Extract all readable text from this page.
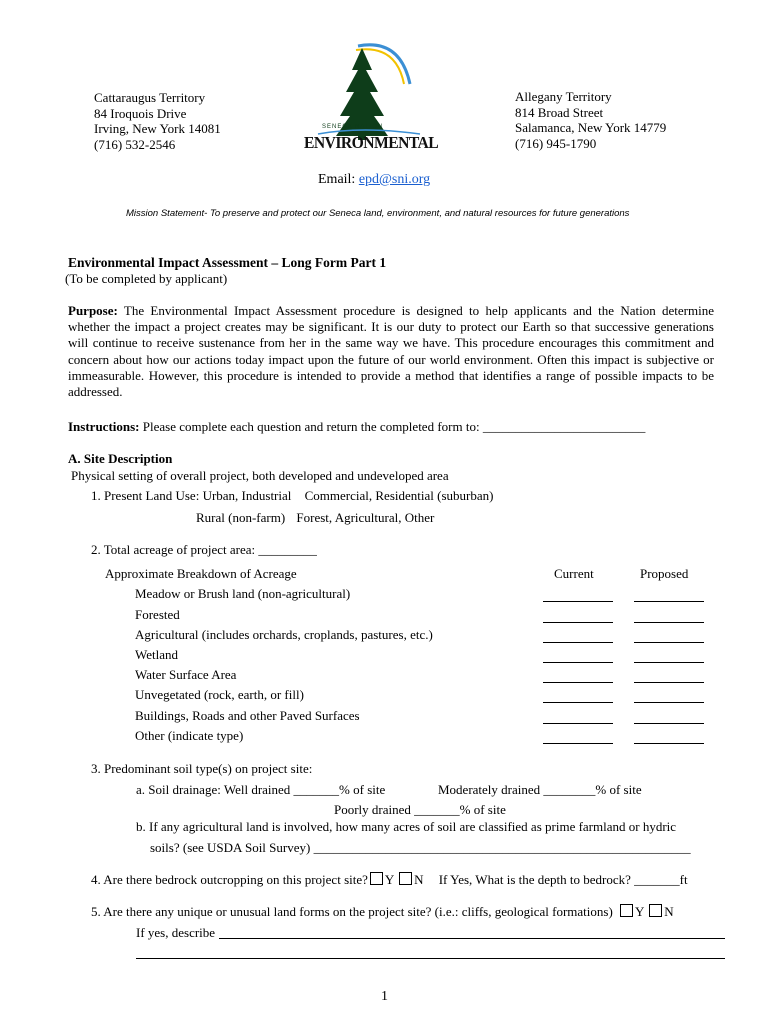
Cattaraugus Territory
84 Iroquois Drive
Irving, New York 14081
(716) 532-2546
Allegany Territory
814 Broad Street
Salamanca, New York 14779
(716) 945-1790
SENECA NATION
ENVIRONMENTAL
Email: epd@sni.org
Mission Statement- To preserve and protect our Seneca land, environment, and natural resources for future generations
Environmental Impact Assessment – Long Form Part 1
(To be completed by applicant)
Purpose: The Environmental Impact Assessment procedure is designed to help applicants and the Nation determine whether the impact a project creates may be significant. It is our duty to protect our Earth so that successive generations will continue to receive sustenance from her in the same way we have. This procedure encourages this commitment and concern about how our actions today impact upon the future of our world environment. Often this impact is subjective or immeasurable. However, this procedure is intended to provide a method that identifies a range of possible impacts to be addressed.
Instructions: Please complete each question and return the completed form to: _________________________
A. Site Description
Physical setting of overall project, both developed and undeveloped area
1. Present Land Use: Urban, Industrial Commercial, Residential (suburban)
Rural (non-farm) Forest, Agricultural, Other
2. Total acreage of project area: _________
Approximate Breakdown of Acreage	Current	Proposed
Meadow or Brush land (non-agricultural)
Forested
Agricultural (includes orchards, croplands, pastures, etc.)
Wetland
Water Surface Area
Unvegetated (rock, earth, or fill)
Buildings, Roads and other Paved Surfaces
Other (indicate type)
3. Predominant soil type(s) on project site:
a. Soil drainage: Well drained _______% of site	Moderately drained ________% of site
Poorly drained _______% of site
b. If any agricultural land is involved, how many acres of soil are classified as prime farmland or hydric
soils? (see USDA Soil Survey) __________________________________________________________
4. Are there bedrock outcropping on this project site? Y N If Yes, What is the depth to bedrock? _______ft
5. Are there any unique or unusual land forms on the project site? (i.e.: cliffs, geological formations) Y N
If yes, describe
1
